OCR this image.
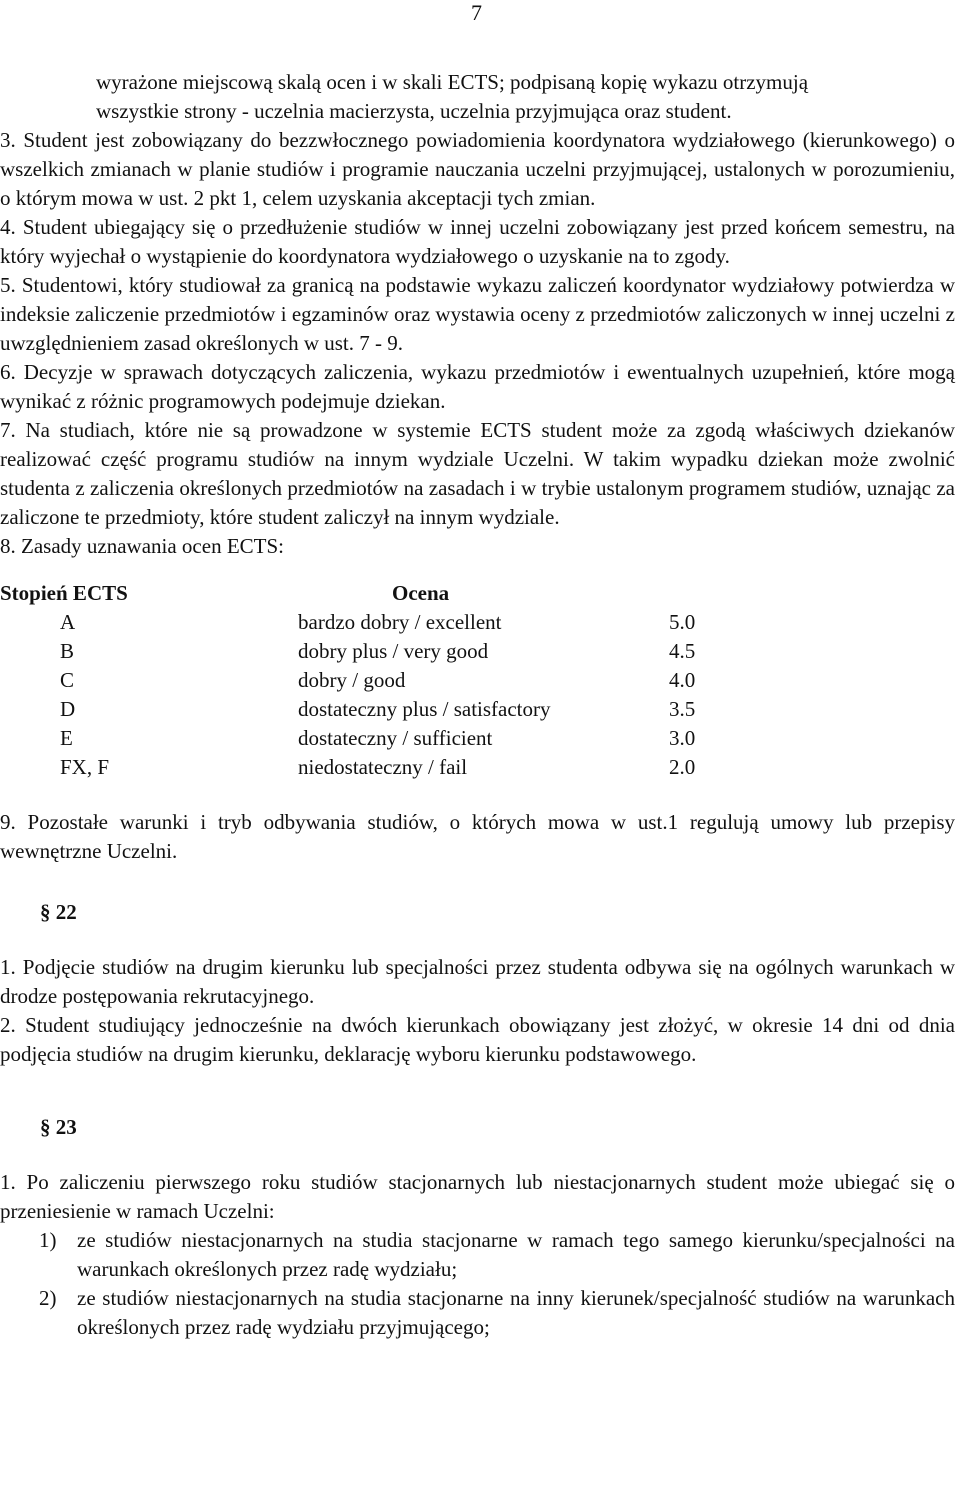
7

wyrażone miejscową skalą ocen i w skali ECTS; podpisaną kopię wykazu otrzymują

wszystkie strony - uczelnia macierzysta, uczelnia przyjmująca oraz student.

3. Student jest zobowiązany do bezzwłocznego powiadomienia koordynatora wydziałowego (kierunkowego) o wszelkich zmianach w planie studiów i programie nauczania uczelni przyjmującej, ustalonych w porozumieniu, o którym mowa w ust. 2 pkt 1, celem uzyskania akceptacji tych zmian.

4. Student ubiegający się o przedłużenie studiów w innej uczelni zobowiązany jest przed końcem semestru, na który wyjechał o wystąpienie do koordynatora wydziałowego o uzyskanie na to zgody.

5. Studentowi, który studiował za granicą na podstawie wykazu zaliczeń koordynator wydziałowy potwierdza w indeksie zaliczenie przedmiotów i egzaminów oraz wystawia oceny z przedmiotów zaliczonych w innej uczelni z uwzględnieniem zasad określonych w ust. 7 - 9.

6. Decyzje w sprawach dotyczących zaliczenia, wykazu przedmiotów i ewentualnych uzupełnień, które mogą wynikać z różnic programowych podejmuje dziekan.

7. Na studiach, które nie są prowadzone w systemie ECTS student może za zgodą właściwych dziekanów realizować część programu studiów na innym wydziale Uczelni. W takim wypadku dziekan może zwolnić studenta z zaliczenia określonych przedmiotów na zasadach i w trybie ustalonym programem studiów, uznając za zaliczone te przedmioty, które student zaliczył na innym wydziale.

8. Zasady uznawania ocen ECTS:

Stopień ECTS	Ocena
A	bardzo dobry / excellent	5.0
B	dobry plus / very good	4.5
C	dobry / good	4.0
D	dostateczny plus / satisfactory	3.5
E	dostateczny / sufficient	3.0
FX, F	niedostateczny / fail	2.0

9. Pozostałe warunki i tryb odbywania studiów, o których mowa w ust.1 regulują umowy lub przepisy wewnętrzne Uczelni.

§ 22

1. Podjęcie studiów na drugim kierunku lub specjalności przez studenta odbywa się na ogólnych warunkach w drodze postępowania rekrutacyjnego.

2. Student studiujący jednocześnie na dwóch kierunkach obowiązany jest złożyć, w okresie 14 dni od dnia podjęcia studiów na drugim kierunku, deklarację wyboru kierunku podstawowego.

§ 23

1. Po zaliczeniu pierwszego roku studiów stacjonarnych lub niestacjonarnych student może ubiegać się o przeniesienie w ramach Uczelni:

1) ze studiów niestacjonarnych na studia stacjonarne w ramach tego samego kierunku/specjalności na warunkach określonych przez radę wydziału;

2) ze studiów niestacjonarnych na studia stacjonarne na inny kierunek/specjalność studiów na warunkach określonych przez radę wydziału przyjmującego;
